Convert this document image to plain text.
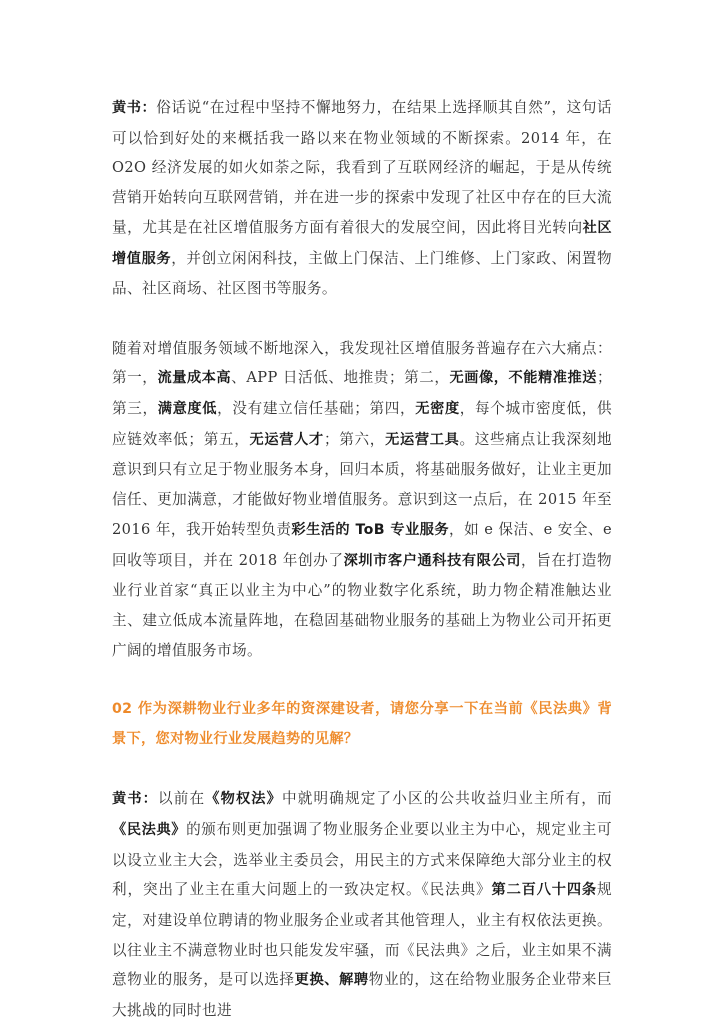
黄书：俗话说“在过程中坚持不懈地努力，在结果上选择顺其自然”，这句话可以恰到好处的来概括我一路以来在物业领域的不断探索。2014 年，在 O2O 经济发展的如火如荼之际，我看到了互联网经济的崛起，于是从传统营销开始转向互联网营销，并在进一步的探索中发现了社区中存在的巨大流量，尤其是在社区增值服务方面有着很大的发展空间，因此将目光转向社区增值服务，并创立闲闲科技，主做上门保洁、上门维修、上门家政、闲置物品、社区商场、社区图书等服务。

随着对增值服务领域不断地深入，我发现社区增值服务普遍存在六大痛点：第一，流量成本高、APP 日活低、地推贵；第二，无画像，不能精准推送；第三，满意度低，没有建立信任基础；第四，无密度，每个城市密度低，供应链效率低；第五，无运营人才；第六，无运营工具。这些痛点让我深刻地意识到只有立足于物业服务本身，回归本质，将基础服务做好，让业主更加信任、更加满意，才能做好物业增值服务。意识到这一点后，在 2015 年至 2016 年，我开始转型负责彩生活的 ToB 专业服务，如 e 保洁、e 安全、e 回收等项目，并在 2018 年创办了深圳市客户通科技有限公司，旨在打造物业行业首家“真正以业主为中心”的物业数字化系统，助力物企精准触达业主、建立低成本流量阵地，在稳固基础物业服务的基础上为物业公司开拓更广阔的增值服务市场。

02 作为深耕物业行业多年的资深建设者，请您分享一下在当前《民法典》背景下，您对物业行业发展趋势的见解？

黄书：以前在《物权法》中就明确规定了小区的公共收益归业主所有，而《民法典》的颁布则更加强调了物业服务企业要以业主为中心，规定业主可以设立业主大会，选举业主委员会，用民主的方式来保障绝大部分业主的权利，突出了业主在重大问题上的一致决定权。《民法典》第二百八十四条规定，对建设单位聘请的物业服务企业或者其他管理人，业主有权依法更换。以往业主不满意物业时也只能发发牢骚，而《民法典》之后，业主如果不满意物业的服务，是可以选择更换、解聘物业的，这在给物业服务企业带来巨大挑战的同时也进
